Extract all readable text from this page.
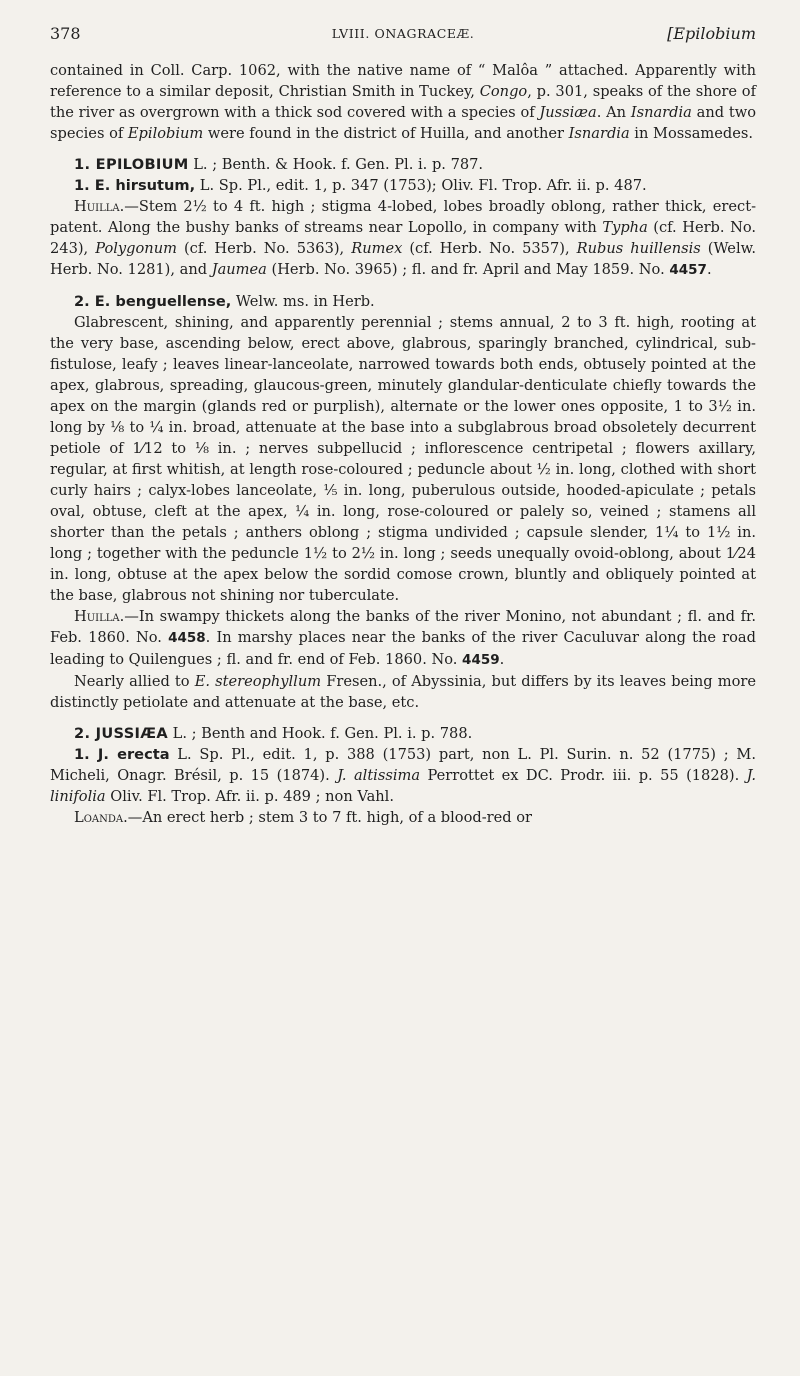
378	LVIII. ONAGRACEÆ.	[Epilobium

contained in Coll. Carp. 1062, with the native name of “ Malôa ” attached. Apparently with reference to a similar deposit, Christian Smith in Tuckey, Congo, p. 301, speaks of the shore of the river as overgrown with a thick sod covered with a species of Jussiæa. An Isnardia and two species of Epilobium were found in the district of Huilla, and another Isnardia in Mossamedes.

1. EPILOBIUM L. ; Benth. & Hook. f. Gen. Pl. i. p. 787.

1. E. hirsutum, L. Sp. Pl., edit. 1, p. 347 (1753); Oliv. Fl. Trop. Afr. ii. p. 487.

Huilla.—Stem 2½ to 4 ft. high ; stigma 4-lobed, lobes broadly oblong, rather thick, erect-patent. Along the bushy banks of streams near Lopollo, in company with Typha (cf. Herb. No. 243), Polygonum (cf. Herb. No. 5363), Rumex (cf. Herb. No. 5357), Rubus huillensis (Welw. Herb. No. 1281), and Jaumea (Herb. No. 3965) ; fl. and fr. April and May 1859. No. 4457.

2. E. benguellense, Welw. ms. in Herb.

Glabrescent, shining, and apparently perennial ; stems annual, 2 to 3 ft. high, rooting at the very base, ascending below, erect above, glabrous, sparingly branched, cylindrical, sub-fistulose, leafy ; leaves linear-lanceolate, narrowed towards both ends, obtusely pointed at the apex, glabrous, spreading, glaucous-green, minutely glandular-denticulate chiefly towards the apex on the margin (glands red or purplish), alternate or the lower ones opposite, 1 to 3½ in. long by ⅛ to ¼ in. broad, attenuate at the base into a subglabrous broad obsoletely decurrent petiole of 1⁄12 to ⅛ in. ; nerves subpellucid ; inflorescence centripetal ; flowers axillary, regular, at first whitish, at length rose-coloured ; peduncle about ½ in. long, clothed with short curly hairs ; calyx-lobes lanceolate, ⅕ in. long, puberulous outside, hooded-apiculate ; petals oval, obtuse, cleft at the apex, ¼ in. long, rose-coloured or palely so, veined ; stamens all shorter than the petals ; anthers oblong ; stigma undivided ; capsule slender, 1¼ to 1½ in. long ; together with the peduncle 1½ to 2½ in. long ; seeds unequally ovoid-oblong, about 1⁄24 in. long, obtuse at the apex below the sordid comose crown, bluntly and obliquely pointed at the base, glabrous not shining nor tuberculate.

Huilla.—In swampy thickets along the banks of the river Monino, not abundant ; fl. and fr. Feb. 1860. No. 4458. In marshy places near the banks of the river Caculuvar along the road leading to Quilengues ; fl. and fr. end of Feb. 1860. No. 4459.

Nearly allied to E. stereophyllum Fresen., of Abyssinia, but differs by its leaves being more distinctly petiolate and attenuate at the base, etc.

2. JUSSIÆA L. ; Benth and Hook. f. Gen. Pl. i. p. 788.

1. J. erecta L. Sp. Pl., edit. 1, p. 388 (1753) part, non L. Pl. Surin. n. 52 (1775) ; M. Micheli, Onagr. Brésil, p. 15 (1874). J. altissima Perrottet ex DC. Prodr. iii. p. 55 (1828). J. linifolia Oliv. Fl. Trop. Afr. ii. p. 489 ; non Vahl.

Loanda.—An erect herb ; stem 3 to 7 ft. high, of a blood-red or
